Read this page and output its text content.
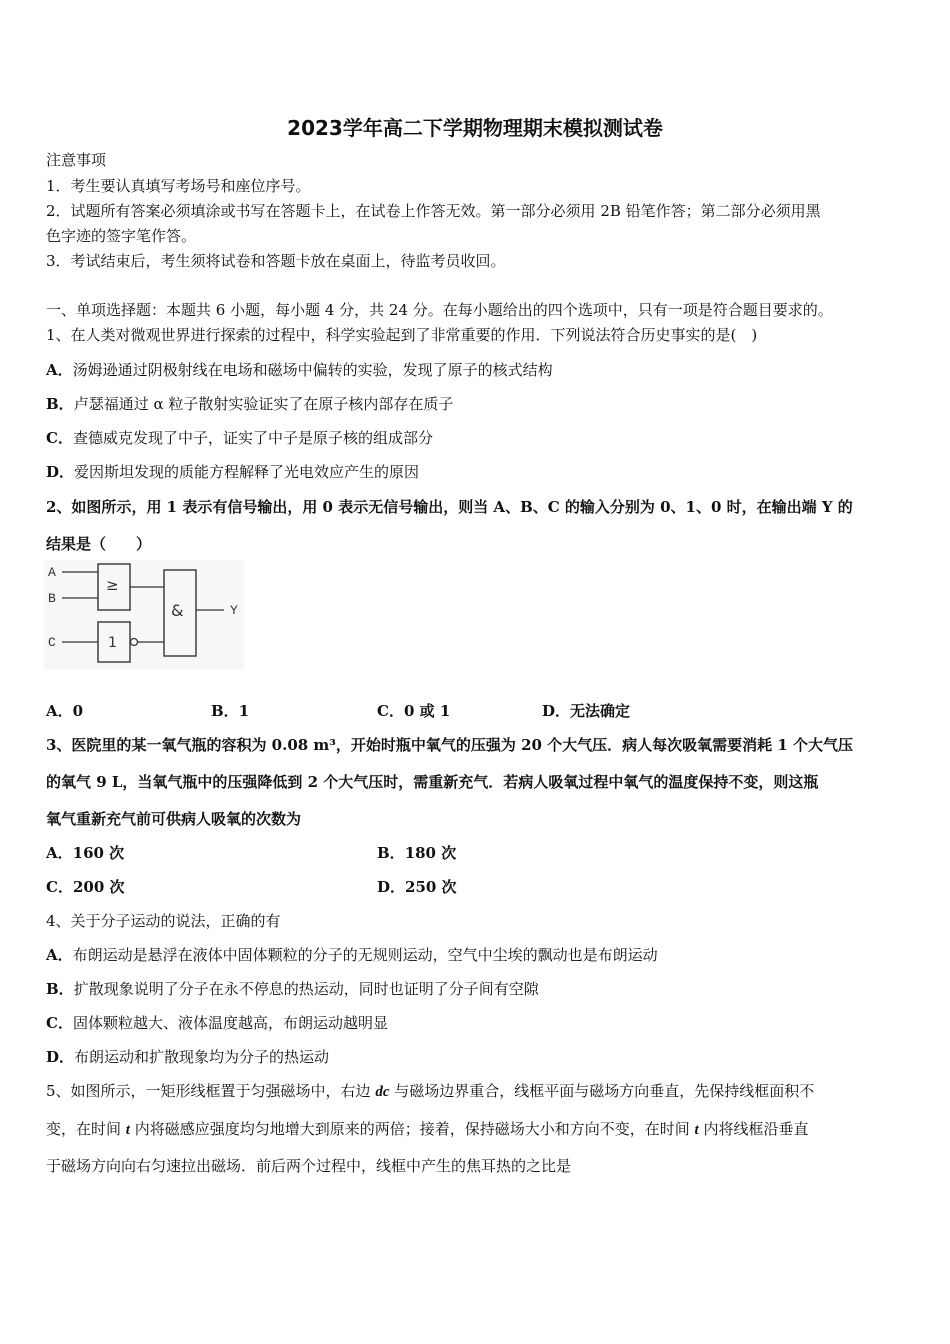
2023学年高二下学期物理期末模拟测试卷
注意事项
1．考生要认真填写考场号和座位序号。
2．试题所有答案必须填涂或书写在答题卡上，在试卷上作答无效。第一部分必须用 2B 铅笔作答；第二部分必须用黑
色字迹的签字笔作答。
3．考试结束后，考生须将试卷和答题卡放在桌面上，待监考员收回。
一、单项选择题：本题共 6 小题，每小题 4 分，共 24 分。在每小题给出的四个选项中，只有一项是符合题目要求的。
1、在人类对微观世界进行探索的过程中，科学实验起到了非常重要的作用．下列说法符合历史事实的是(　)
A．汤姆逊通过阴极射线在电场和磁场中偏转的实验，发现了原子的核式结构
B．卢瑟福通过 α 粒子散射实验证实了在原子核内部存在质子
C．查德威克发现了中子，证实了中子是原子核的组成部分
D．爱因斯坦发现的质能方程解释了光电效应产生的原因
2、如图所示，用 1 表示有信号输出，用 0 表示无信号输出，则当 A、B、C 的输入分别为 0、1、0 时，在输出端 Y 的
结果是（　　）
A
B
C
≥
1
&	Y
A．0	B．1	C．0 或 1	D．无法确定
3、医院里的某一氧气瓶的容积为 0.08 m³，开始时瓶中氧气的压强为 20 个大气压．病人每次吸氧需要消耗 1 个大气压
的氧气 9 L，当氧气瓶中的压强降低到 2 个大气压时，需重新充气．若病人吸氧过程中氧气的温度保持不变，则这瓶
氧气重新充气前可供病人吸氧的次数为
A．160 次	B．180 次
C．200 次	D．250 次
4、关于分子运动的说法，正确的有
A．布朗运动是悬浮在液体中固体颗粒的分子的无规则运动，空气中尘埃的飘动也是布朗运动
B．扩散现象说明了分子在永不停息的热运动，同时也证明了分子间有空隙
C．固体颗粒越大、液体温度越高，布朗运动越明显
D．布朗运动和扩散现象均为分子的热运动
5、如图所示，一矩形线框置于匀强磁场中，右边 dc 与磁场边界重合，线框平面与磁场方向垂直，先保持线框面积不
变，在时间 t 内将磁感应强度均匀地增大到原来的两倍；接着，保持磁场大小和方向不变，在时间 t 内将线框沿垂直
于磁场方向向右匀速拉出磁场．前后两个过程中，线框中产生的焦耳热的之比是
